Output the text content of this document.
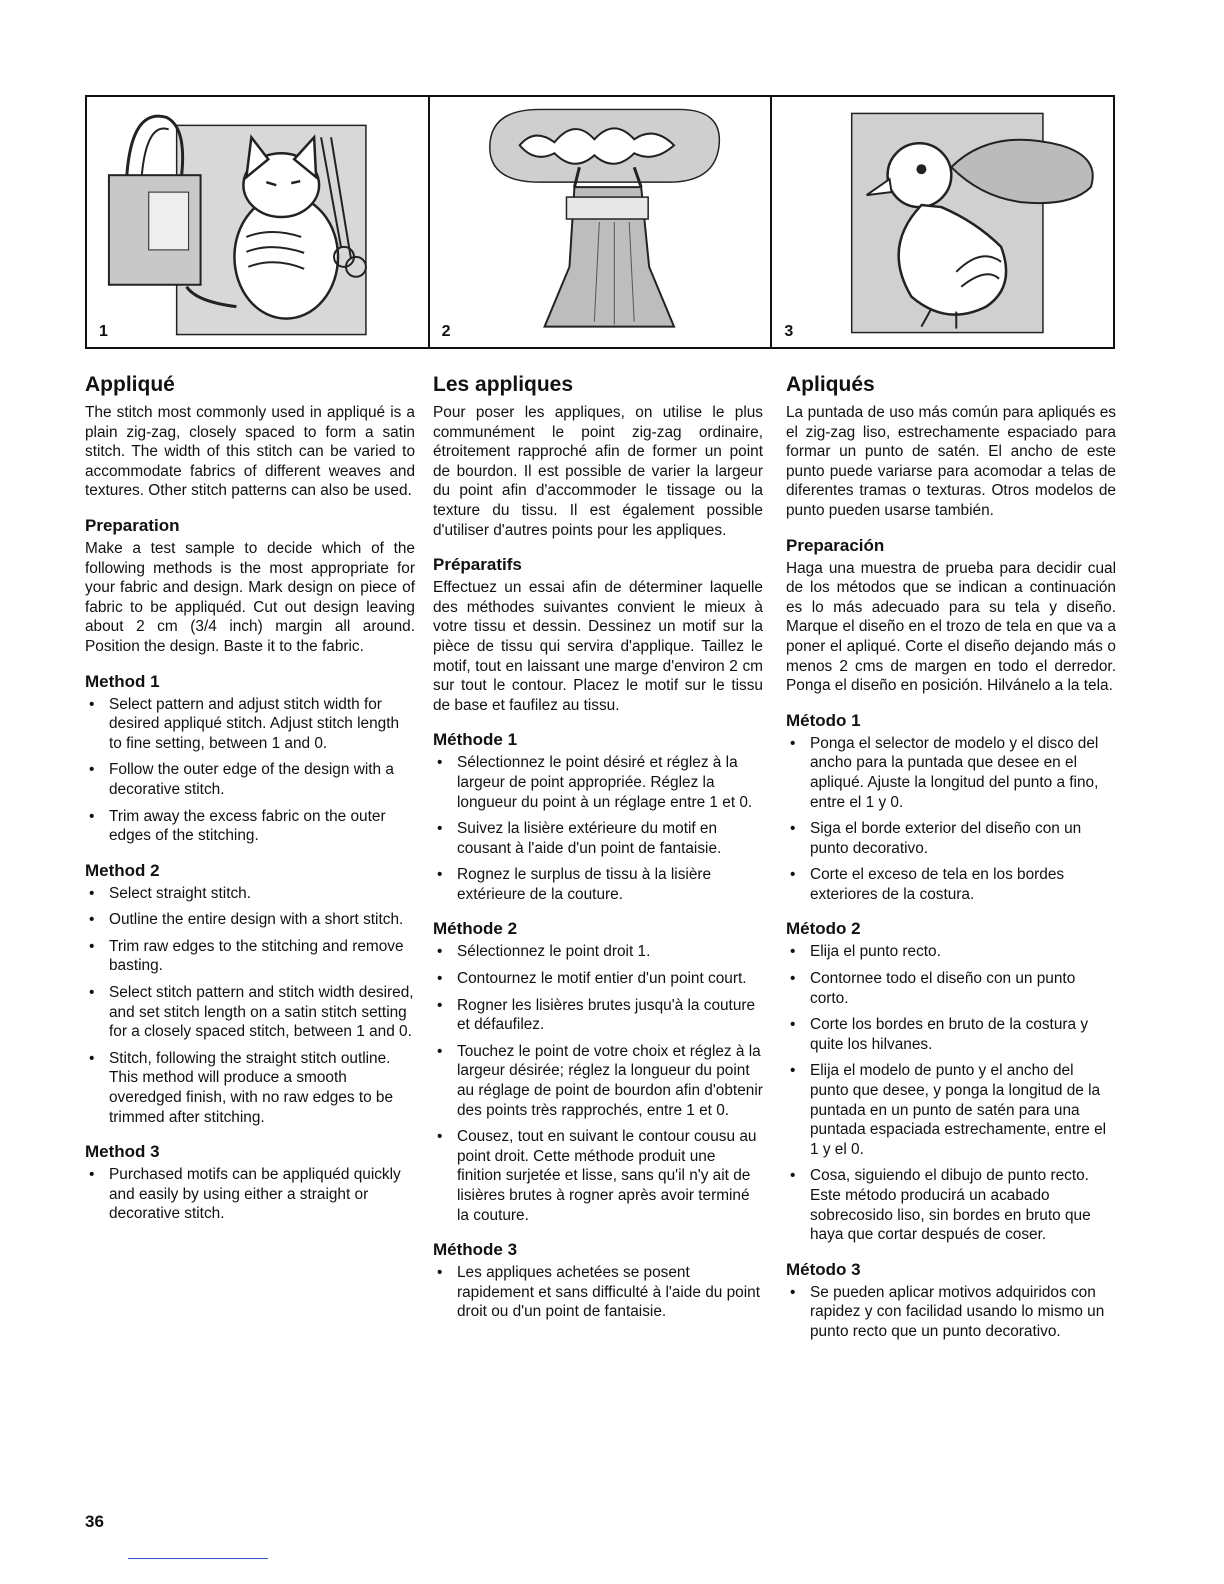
1	2	3
Appliqué

The stitch most commonly used in appliqué is a plain zig-zag, closely spaced to form a satin stitch. The width of this stitch can be varied to accommodate fabrics of different weaves and textures. Other stitch patterns can also be used.

Preparation

Make a test sample to decide which of the following methods is the most appropriate for your fabric and design. Mark design on piece of fabric to be appliquéd. Cut out design leaving about 2 cm (3/4 inch) margin all around. Position the design. Baste it to the fabric.

Method 1
• Select pattern and adjust stitch width for desired appliqué stitch. Adjust stitch length to fine setting, between 1 and 0.
• Follow the outer edge of the design with a decorative stitch.
• Trim away the excess fabric on the outer edges of the stitching.
Method 2
• Select straight stitch.
• Outline the entire design with a short stitch.
• Trim raw edges to the stitching and remove basting.
• Select stitch pattern and stitch width desired, and set stitch length on a satin stitch setting for a closely spaced stitch, between 1 and 0.
• Stitch, following the straight stitch outline. This method will produce a smooth overedged finish, with no raw edges to be trimmed after stitching.
Method 3
• Purchased motifs can be appliquéd quickly and easily by using either a straight or decorative stitch.
Les appliques

Pour poser les appliques, on utilise le plus communément le point zig-zag ordinaire, étroitement rapproché afin de former un point de bourdon. Il est possible de varier la largeur du point afin d'accommoder le tissage ou la texture du tissu. Il est également possible d'utiliser d'autres points pour les appliques.

Préparatifs

Effectuez un essai afin de déterminer laquelle des méthodes suivantes convient le mieux à votre tissu et dessin. Dessinez un motif sur la pièce de tissu qui servira d'applique. Taillez le motif, tout en laissant une marge d'environ 2 cm sur tout le contour. Placez le motif sur le tissu de base et faufilez au tissu.

Méthode 1
• Sélectionnez le point désiré et réglez à la largeur de point appropriée. Réglez la longueur du point à un réglage entre 1 et 0.
• Suivez la lisière extérieure du motif en cousant à l'aide d'un point de fantaisie.
• Rognez le surplus de tissu à la lisière extérieure de la couture.
Méthode 2
• Sélectionnez le point droit 1.
• Contournez le motif entier d'un point court.
• Rogner les lisières brutes jusqu'à la couture et défaufilez.
• Touchez le point de votre choix et réglez à la largeur désirée; réglez la longueur du point au réglage de point de bourdon afin d'obtenir des points très rapprochés, entre 1 et 0.
• Cousez, tout en suivant le contour cousu au point droit. Cette méthode produit une finition surjetée et lisse, sans qu'il n'y ait de lisières brutes à rogner après avoir terminé la couture.
Méthode 3
• Les appliques achetées se posent rapidement et sans difficulté à l'aide du point droit ou d'un point de fantaisie.
Apliqués

La puntada de uso más común para apliqués es el zig-zag liso, estrechamente espaciado para formar un punto de satén. El ancho de este punto puede variarse para acomodar a telas de diferentes tramas o texturas. Otros modelos de punto pueden usarse también.

Preparación

Haga una muestra de prueba para decidir cual de los métodos que se indican a continuación es lo más adecuado para su tela y diseño. Marque el diseño en el trozo de tela en que va a poner el apliqué. Corte el diseño dejando más o menos 2 cms de margen en todo el derredor. Ponga el diseño en posición. Hilvánelo a la tela.

Método 1
• Ponga el selector de modelo y el disco del ancho para la puntada que desee en el apliqué. Ajuste la longitud del punto a fino, entre el 1 y 0.
• Siga el borde exterior del diseño con un punto decorativo.
• Corte el exceso de tela en los bordes exteriores de la costura.
Método 2
• Elija el punto recto.
• Contornee todo el diseño con un punto corto.
• Corte los bordes en bruto de la costura y quite los hilvanes.
• Elija el modelo de punto y el ancho del punto que desee, y ponga la longitud de la puntada en un punto de satén para una puntada espaciada estrechamente, entre el 1 y el 0.
• Cosa, siguiendo el dibujo de punto recto. Este método producirá un acabado sobrecosido liso, sin bordes en bruto que haya que cortar después de coser.
Método 3
• Se pueden aplicar motivos adquiridos con rapidez y con facilidad usando lo mismo un punto recto que un punto decorativo.
36
